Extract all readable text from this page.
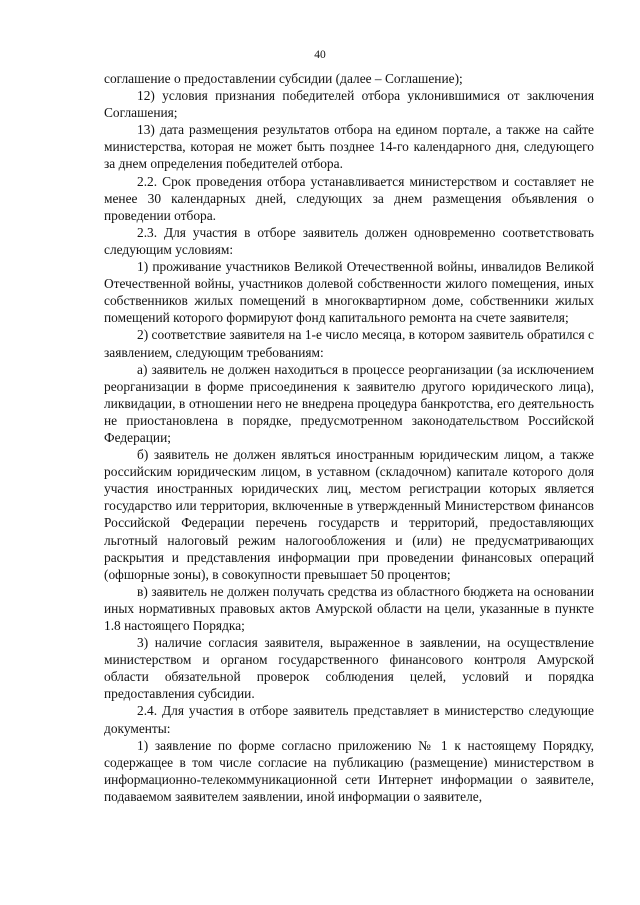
40

соглашение о предоставлении субсидии (далее – Соглашение);

12) условия признания победителей отбора уклонившимися от заключения Соглашения;

13) дата размещения результатов отбора на едином портале, а также на сайте министерства, которая не может быть позднее 14-го календарного дня, следующего за днем определения победителей отбора.

2.2. Срок проведения отбора устанавливается министерством и составляет не менее 30 календарных дней, следующих за днем размещения объявления о проведении отбора.

2.3. Для участия в отборе заявитель должен одновременно соответствовать следующим условиям:

1) проживание участников Великой Отечественной войны, инвалидов Великой Отечественной войны, участников долевой собственности жилого помещения, иных собственников жилых помещений в многоквартирном доме, собственники жилых помещений которого формируют фонд капитального ремонта на счете заявителя;

2) соответствие заявителя на 1-е число месяца, в котором заявитель обратился с заявлением, следующим требованиям:

а) заявитель не должен находиться в процессе реорганизации (за исключением реорганизации в форме присоединения к заявителю другого юридического лица), ликвидации, в отношении него не внедрена процедура банкротства, его деятельность не приостановлена в порядке, предусмотренном законодательством Российской Федерации;

б) заявитель не должен являться иностранным юридическим лицом, а также российским юридическим лицом, в уставном (складочном) капитале которого доля участия иностранных юридических лиц, местом регистрации которых является государство или территория, включенные в утвержденный Министерством финансов Российской Федерации перечень государств и территорий, предоставляющих льготный налоговый режим налогообложения и (или) не предусматривающих раскрытия и представления информации при проведении финансовых операций (офшорные зоны), в совокупности превышает 50 процентов;

в) заявитель не должен получать средства из областного бюджета на основании иных нормативных правовых актов Амурской области на цели, указанные в пункте 1.8 настоящего Порядка;

3) наличие согласия заявителя, выраженное в заявлении, на осуществление министерством и органом государственного финансового контроля Амурской области обязательной проверок соблюдения целей, условий и порядка предоставления субсидии.

2.4. Для участия в отборе заявитель представляет в министерство следующие документы:

1) заявление по форме согласно приложению № 1 к настоящему Порядку, содержащее в том числе согласие на публикацию (размещение) министерством в информационно-телекоммуникационной сети Интернет информации о заявителе, подаваемом заявителем заявлении, иной информации о заявителе,
